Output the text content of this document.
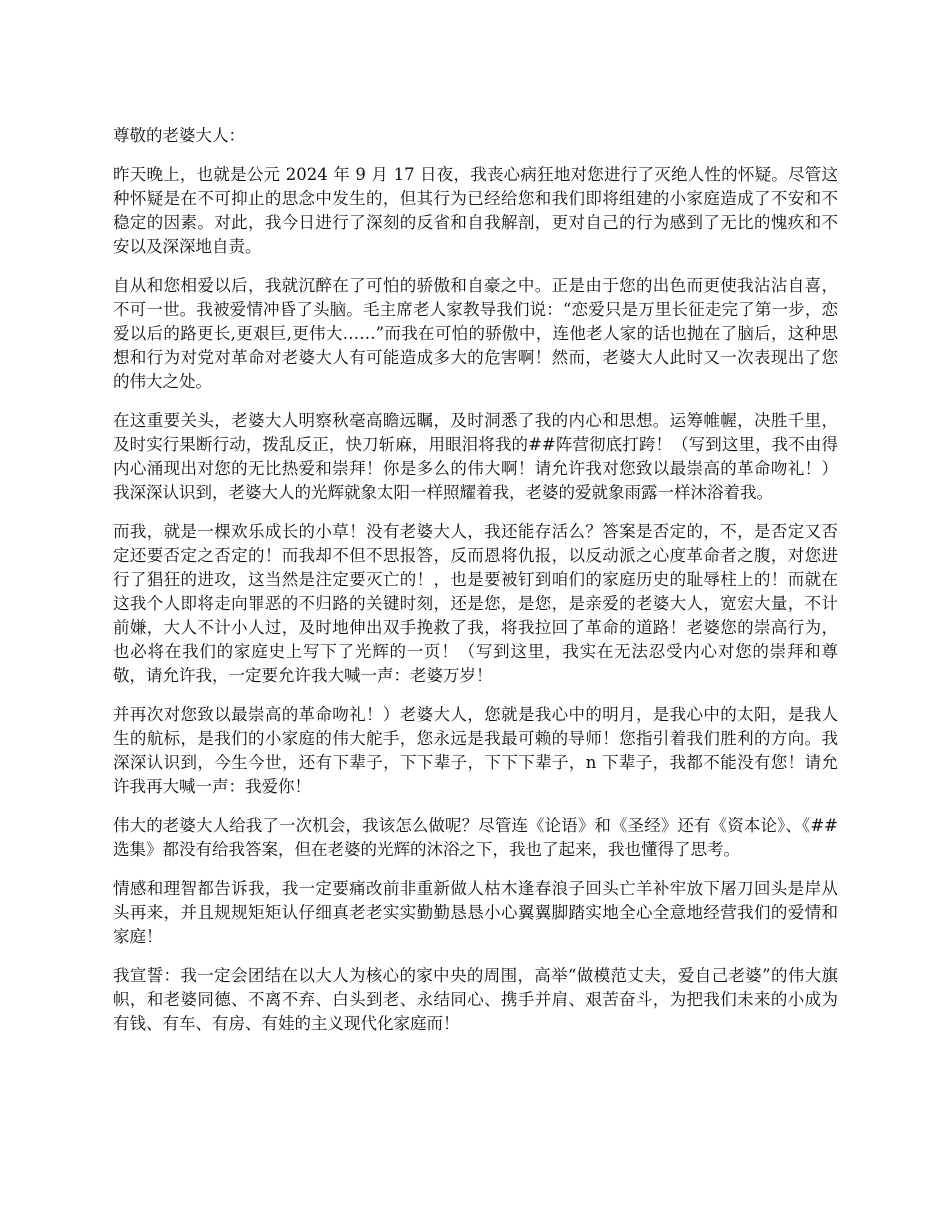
尊敬的老婆大人：

昨天晚上，也就是公元 2024 年 9 月 17 日夜，我丧心病狂地对您进行了灭绝人性的怀疑。尽管这种怀疑是在不可抑止的思念中发生的，但其行为已经给您和我们即将组建的小家庭造成了不安和不稳定的因素。对此，我今日进行了深刻的反省和自我解剖，更对自己的行为感到了无比的愧疚和不安以及深深地自责。

自从和您相爱以后，我就沉醉在了可怕的骄傲和自豪之中。正是由于您的出色而更使我沾沾自喜，不可一世。我被爱情冲昏了头脑。毛主席老人家教导我们说：“恋爱只是万里长征走完了第一步，恋爱以后的路更长,更艰巨,更伟大……”而我在可怕的骄傲中，连他老人家的话也抛在了脑后，这种思想和行为对党对革命对老婆大人有可能造成多大的危害啊！然而，老婆大人此时又一次表现出了您的伟大之处。

在这重要关头，老婆大人明察秋毫高瞻远瞩，及时洞悉了我的内心和思想。运筹帷幄，决胜千里，及时实行果断行动，拨乱反正，快刀斩麻，用眼泪将我的##阵营彻底打跨！（写到这里，我不由得内心涌现出对您的无比热爱和崇拜！你是多么的伟大啊！请允许我对您致以最崇高的革命吻礼！）我深深认识到，老婆大人的光辉就象太阳一样照耀着我，老婆的爱就象雨露一样沐浴着我。

而我，就是一棵欢乐成长的小草！没有老婆大人，我还能存活么？答案是否定的，不，是否定又否定还要否定之否定的！而我却不但不思报答，反而恩将仇报，以反动派之心度革命者之腹，对您进行了猖狂的进攻，这当然是注定要灭亡的！，也是要被钉到咱们的家庭历史的耻辱柱上的！而就在这我个人即将走向罪恶的不归路的关键时刻，还是您，是您，是亲爱的老婆大人，宽宏大量，不计前嫌，大人不计小人过，及时地伸出双手挽救了我，将我拉回了革命的道路！老婆您的崇高行为，也必将在我们的家庭史上写下了光辉的一页！（写到这里，我实在无法忍受内心对您的崇拜和尊敬，请允许我，一定要允许我大喊一声：老婆万岁！

并再次对您致以最崇高的革命吻礼！）老婆大人，您就是我心中的明月，是我心中的太阳，是我人生的航标，是我们的小家庭的伟大舵手，您永远是我最可赖的导师！您指引着我们胜利的方向。我深深认识到，今生今世，还有下辈子，下下辈子，下下下辈子，n 下辈子，我都不能没有您！请允许我再大喊一声：我爱你！

伟大的老婆大人给我了一次机会，我该怎么做呢？尽管连《论语》和《圣经》还有《资本论》、《##选集》都没有给我答案，但在老婆的光辉的沐浴之下，我也了起来，我也懂得了思考。

情感和理智都告诉我，我一定要痛改前非重新做人枯木逢春浪子回头亡羊补牢放下屠刀回头是岸从头再来，并且规规矩矩认仔细真老老实实勤勤恳恳小心翼翼脚踏实地全心全意地经营我们的爱情和家庭！

我宣誓：我一定会团结在以大人为核心的家中央的周围，高举“做模范丈夫，爱自己老婆”的伟大旗帜，和老婆同德、不离不弃、白头到老、永结同心、携手并肩、艰苦奋斗，为把我们未来的小成为有钱、有车、有房、有娃的主义现代化家庭而！
